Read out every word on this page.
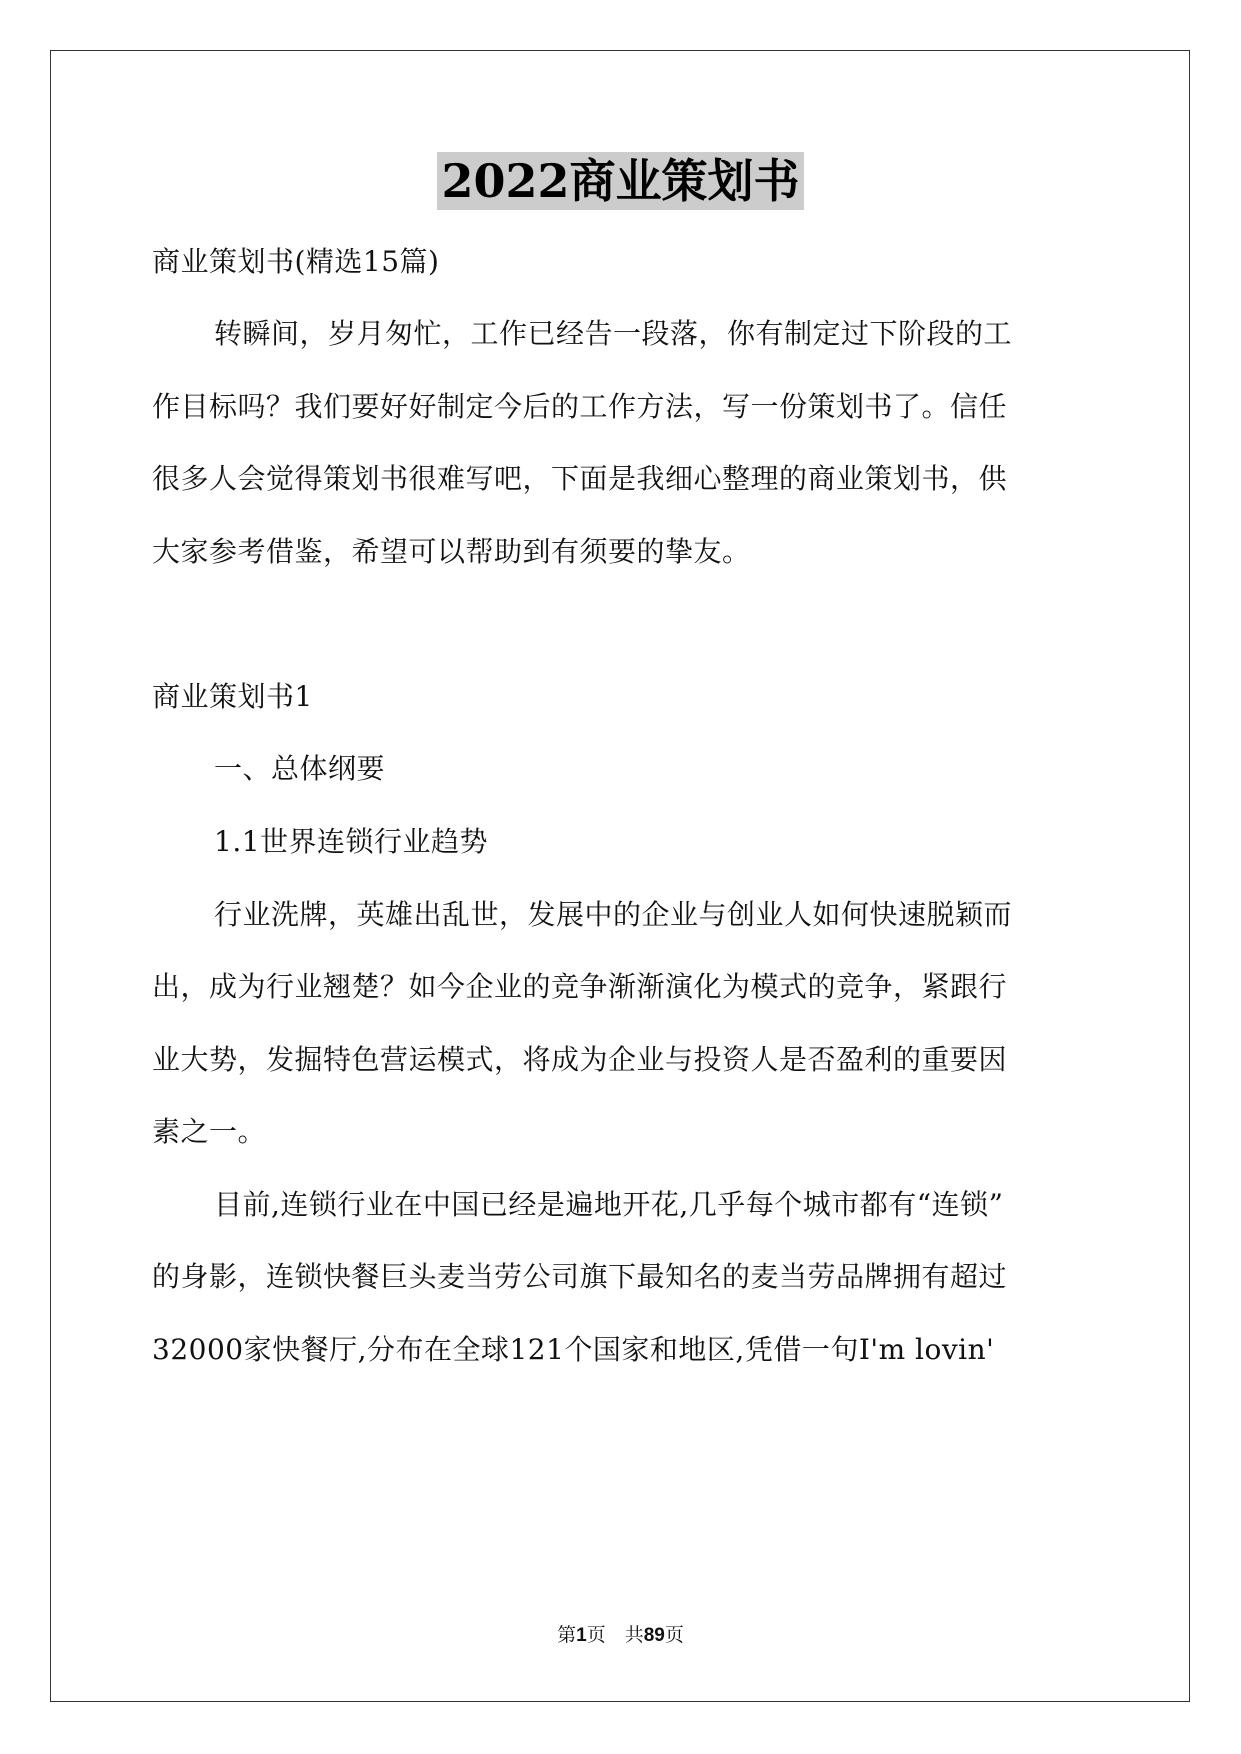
2022商业策划书
商业策划书(精选15篇)
转瞬间，岁月匆忙，工作已经告一段落，你有制定过下阶段的工
作目标吗？我们要好好制定今后的工作方法，写一份策划书了。信任
很多人会觉得策划书很难写吧，下面是我细心整理的商业策划书，供
大家参考借鉴，希望可以帮助到有须要的挚友。
商业策划书1
一、总体纲要
1.1世界连锁行业趋势
行业洗牌，英雄出乱世，发展中的企业与创业人如何快速脱颖而
出，成为行业翘楚？如今企业的竞争渐渐演化为模式的竞争，紧跟行
业大势，发掘特色营运模式，将成为企业与投资人是否盈利的重要因
素之一。
目前,连锁行业在中国已经是遍地开花,几乎每个城市都有“连锁”
的身影，连锁快餐巨头麦当劳公司旗下最知名的麦当劳品牌拥有超过
32000家快餐厅,分布在全球121个国家和地区,凭借一句I'm lovin'
第1页　共89页
